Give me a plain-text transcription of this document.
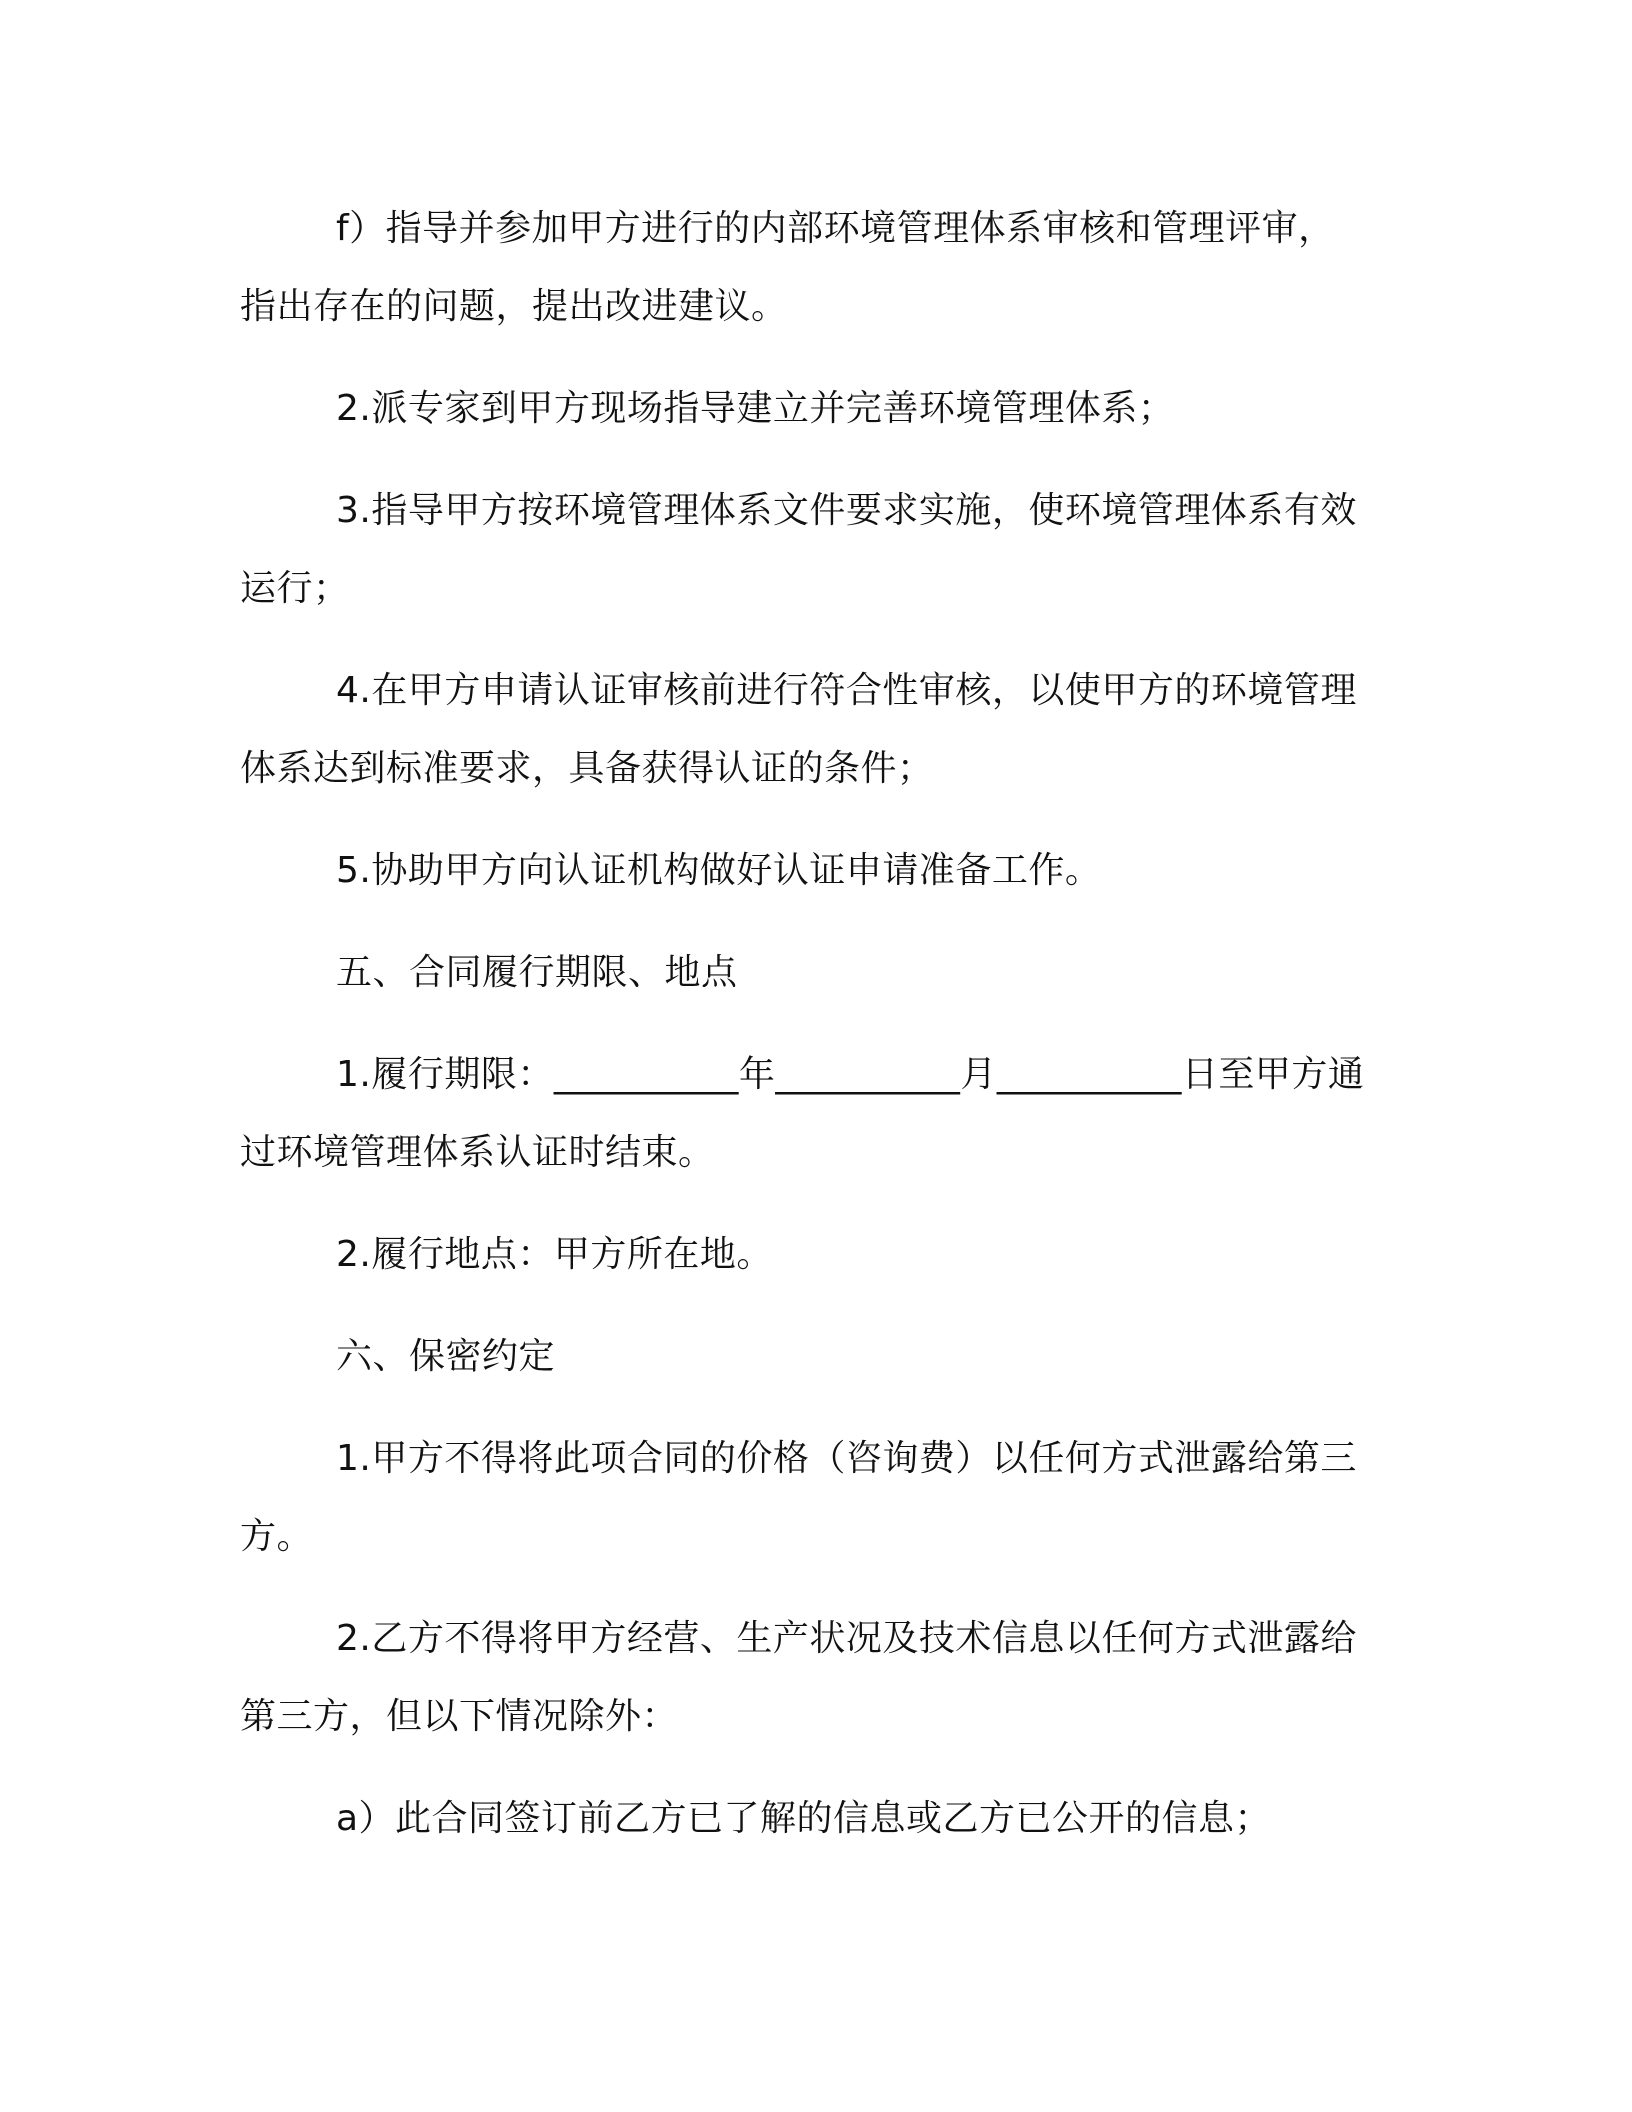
f）指导并参加甲方进行的内部环境管理体系审核和管理评审，指出存在的问题，提出改进建议。

2.派专家到甲方现场指导建立并完善环境管理体系；

3.指导甲方按环境管理体系文件要求实施，使环境管理体系有效运行；

4.在甲方申请认证审核前进行符合性审核，以使甲方的环境管理体系达到标准要求，具备获得认证的条件；

5.协助甲方向认证机构做好认证申请准备工作。

五、合同履行期限、地点

1.履行期限：__________年__________月__________日至甲方通过环境管理体系认证时结束。

2.履行地点：甲方所在地。

六、保密约定

1.甲方不得将此项合同的价格（咨询费）以任何方式泄露给第三方。

2.乙方不得将甲方经营、生产状况及技术信息以任何方式泄露给第三方，但以下情况除外：

a）此合同签订前乙方已了解的信息或乙方已公开的信息；
